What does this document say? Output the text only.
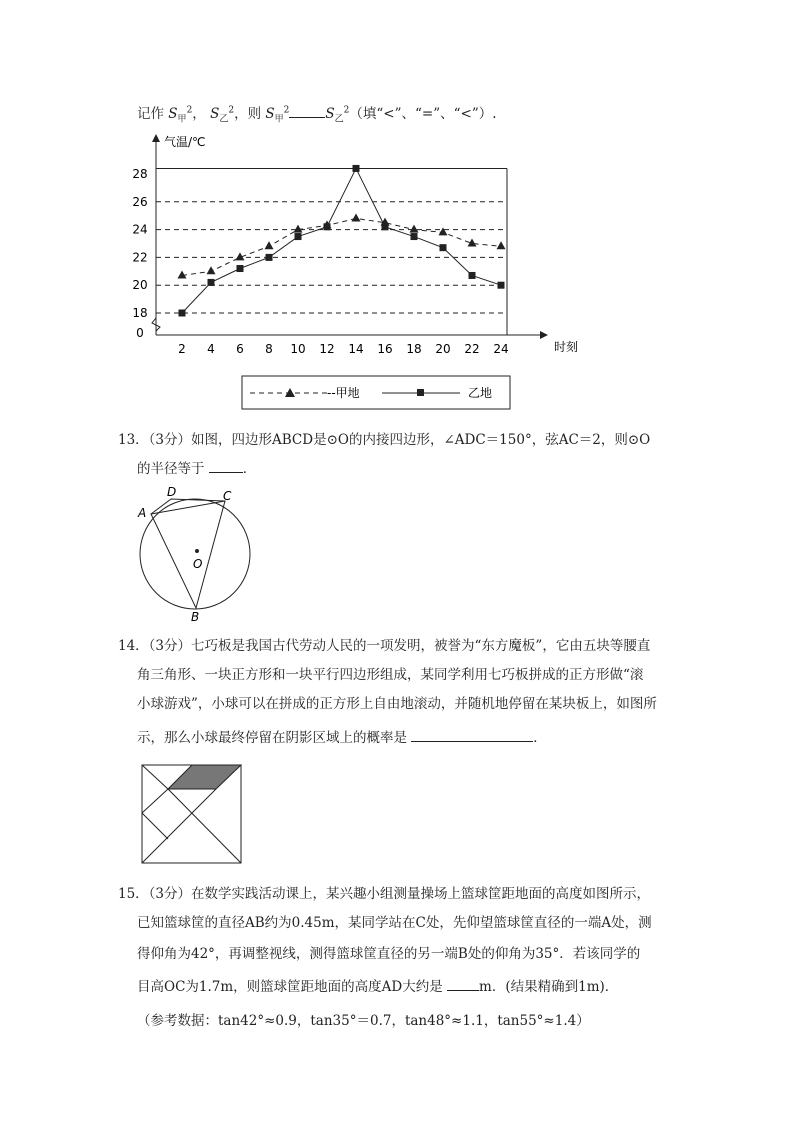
记作 $S_甲^2$， $S_乙^2$，则 $S_甲^2$	$S_乙^2$（填“<”、“=”、“<”）.
28
26
24
22
20
18
0
2 4 6 8 10 12 14 16 18 20 22 24
气温/℃
时刻
--甲地	乙地
13．（3分）如图，四边形ABCD是⊙O的内接四边形，∠ADC＝150°，弦AC＝2，则⊙O
的半径等于	．
A
D	C
O
B
14．（3分）七巧板是我国古代劳动人民的一项发明，被誉为“东方魔板”，它由五块等腰直
角三角形、一块正方形和一块平行四边形组成，某同学利用七巧板拼成的正方形做“滚
小球游戏”，小球可以在拼成的正方形上自由地滚动，并随机地停留在某块板上，如图所
示，那么小球最终停留在阴影区域上的概率是	．
15．（3分）在数学实践活动课上，某兴趣小组测量操场上篮球筐距地面的高度如图所示，
已知篮球筐的直径AB约为0.45m，某同学站在C处，先仰望篮球筐直径的一端A处，测
得仰角为42°，再调整视线，测得篮球筐直径的另一端B处的仰角为35°．若该同学的
目高OC为1.7m，则篮球筐距地面的高度AD大约是	m．(结果精确到1m)．
（参考数据：tan42°≈0.9，tan35°＝0.7，tan48°≈1.1，tan55°≈1.4）
